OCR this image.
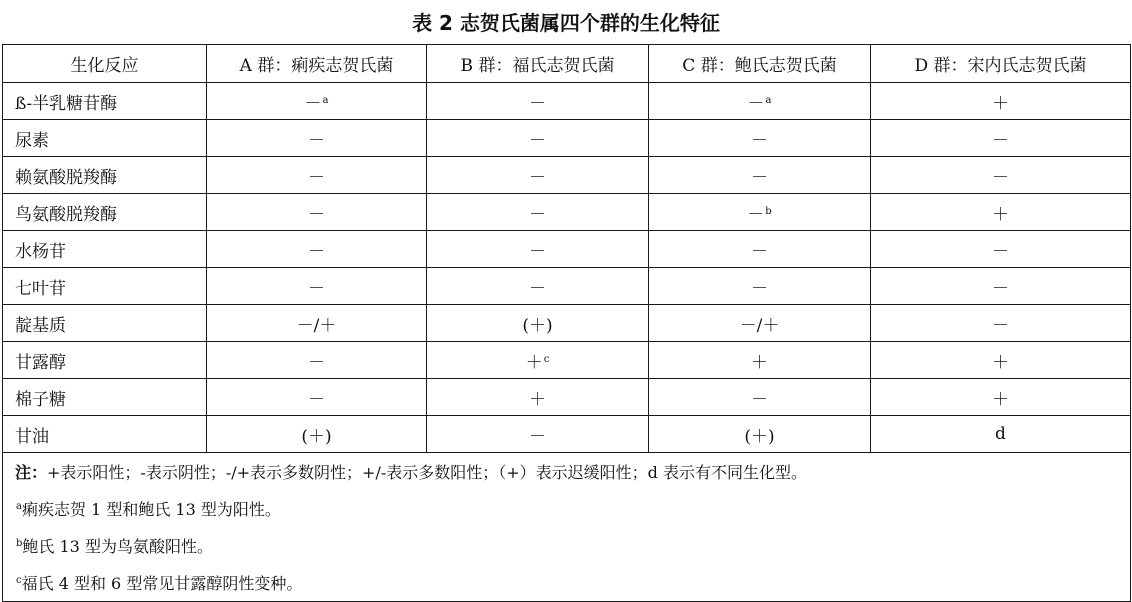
表 2 志贺氏菌属四个群的生化特征
生化反应	A 群：痢疾志贺氏菌	B 群：福氏志贺氏菌	C 群：鲍氏志贺氏菌	D 群：宋内氏志贺氏菌
ß-半乳糖苷酶	－$^a$	－	－$^a$	＋
尿素	－	－	－	－
赖氨酸脱羧酶	－	－	－	－
鸟氨酸脱羧酶	－	－	－$^b$	＋
水杨苷	－	－	－	－
七叶苷	－	－	－	－
靛基质	－/＋	(＋)	－/＋	－
甘露醇	－	＋$^c$	＋	＋
棉子糖	－	＋	－	＋
甘油	(＋)	－	(＋)	d
注：+表示阳性；-表示阴性；-/+表示多数阴性；+/-表示多数阳性；（+）表示迟缓阳性；d 表示有不同生化型。				
$^a$痢疾志贺 1 型和鲍氏 13 型为阳性。				
$^b$鲍氏 13 型为鸟氨酸阳性。				
$^c$福氏 4 型和 6 型常见甘露醇阴性变种。				
